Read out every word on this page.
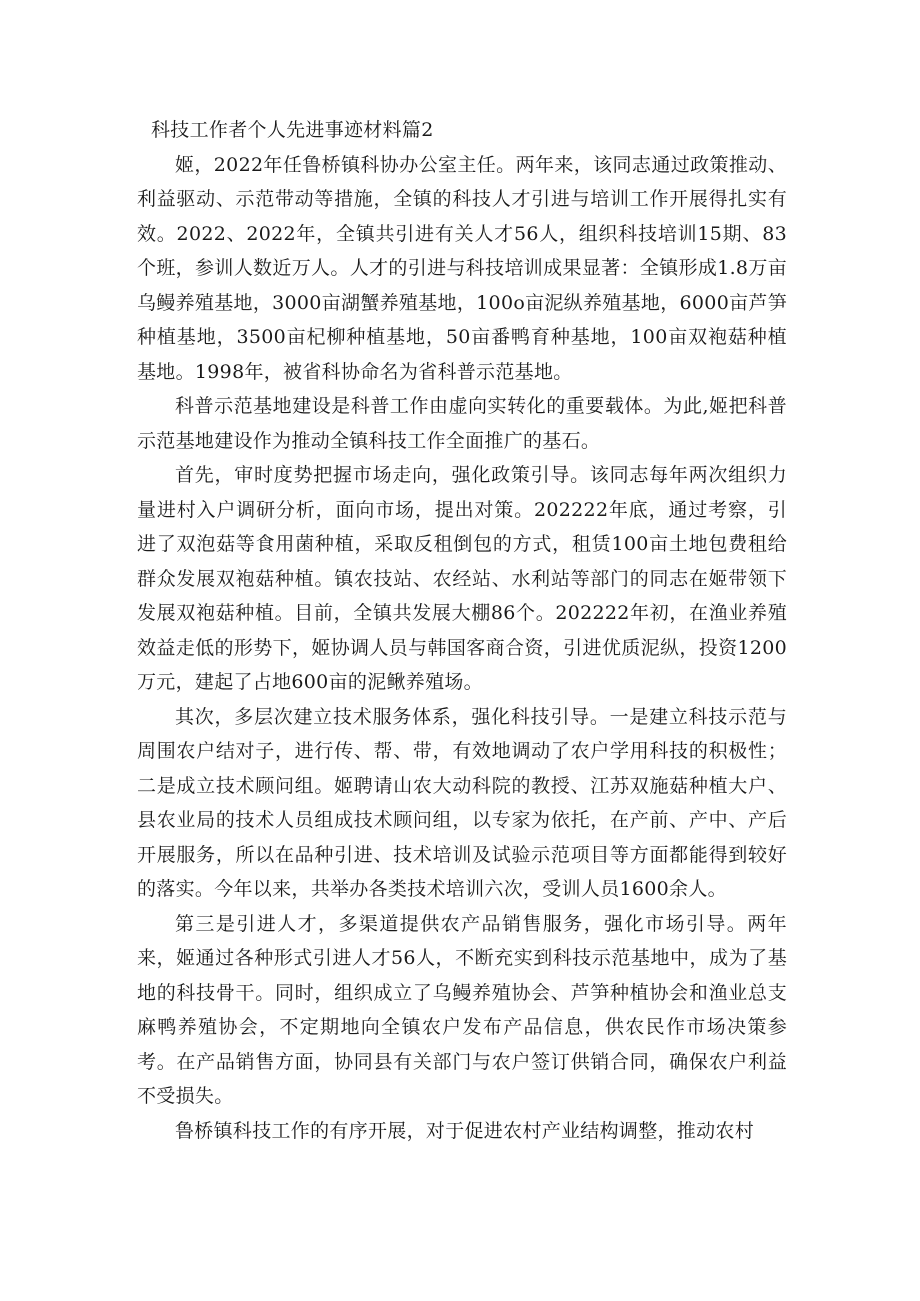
科技工作者个人先进事迹材料篇2

姬，2022年任鲁桥镇科协办公室主任。两年来，该同志通过政策推动、利益驱动、示范带动等措施，全镇的科技人才引进与培训工作开展得扎实有效。2022、2022年，全镇共引进有关人才56人，组织科技培训15期、83个班，参训人数近万人。人才的引进与科技培训成果显著：全镇形成1.8万亩乌鳗养殖基地，3000亩湖蟹养殖基地，100o亩泥纵养殖基地，6000亩芦笋种植基地，3500亩杞柳种植基地，50亩番鸭育种基地，100亩双袍菇种植基地。1998年，被省科协命名为省科普示范基地。

科普示范基地建设是科普工作由虚向实转化的重要载体。为此,姬把科普示范基地建设作为推动全镇科技工作全面推广的基石。

首先，审时度势把握市场走向，强化政策引导。该同志每年两次组织力量进村入户调研分析，面向市场，提出对策。202222年底，通过考察，引进了双泡菇等食用菌种植，采取反租倒包的方式，租赁100亩土地包费租给群众发展双袍菇种植。镇农技站、农经站、水利站等部门的同志在姬带领下发展双袍菇种植。目前，全镇共发展大棚86个。202222年初，在渔业养殖效益走低的形势下，姬协调人员与韩国客商合资，引进优质泥纵，投资1200万元，建起了占地600亩的泥鳅养殖场。

其次，多层次建立技术服务体系，强化科技引导。一是建立科技示范与周围农户结对子，进行传、帮、带，有效地调动了农户学用科技的积极性；二是成立技术顾问组。姬聘请山农大动科院的教授、江苏双施菇种植大户、县农业局的技术人员组成技术顾问组，以专家为依托，在产前、产中、产后开展服务，所以在品种引进、技术培训及试验示范项目等方面都能得到较好的落实。今年以来，共举办各类技术培训六次，受训人员1600余人。

第三是引进人才，多渠道提供农产品销售服务，强化市场引导。两年来，姬通过各种形式引进人才56人，不断充实到科技示范基地中，成为了基地的科技骨干。同时，组织成立了乌鳗养殖协会、芦笋种植协会和渔业总支麻鸭养殖协会，不定期地向全镇农户发布产品信息，供农民作市场决策参考。在产品销售方面，协同县有关部门与农户签订供销合同，确保农户利益不受损失。

鲁桥镇科技工作的有序开展，对于促进农村产业结构调整，推动农村
